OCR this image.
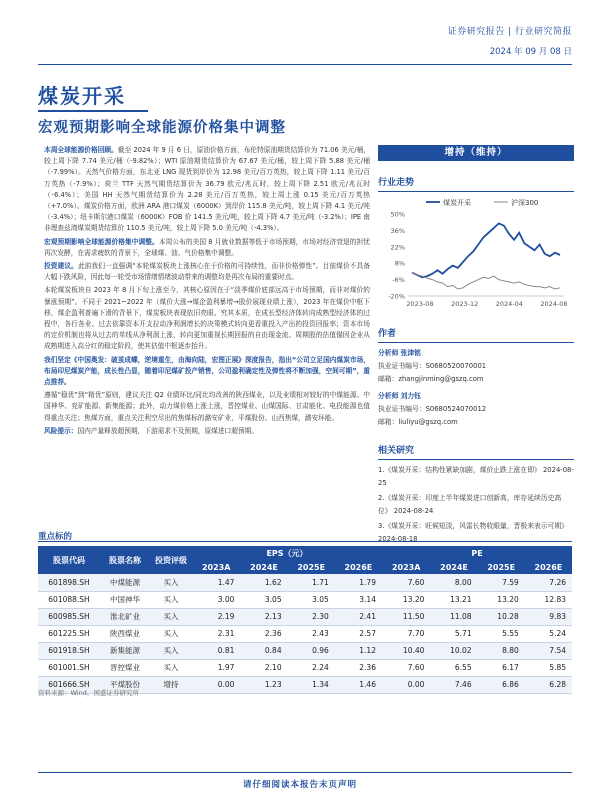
证券研究报告 | 行业研究简报
2024 年 09 月 08 日
煤炭开采
宏观预期影响全球能源价格集中调整

本周全球能源价格回顾。截至 2024 年 9 月 6 日，原油价格方面，布伦特原油期货结算价为 71.06 美元/桶，较上周下降 7.74 美元/桶（-9.82%）；WTI 原油期货结算价为 67.67 美元/桶，较上周下降 5.88 美元/桶（-7.99%）。天然气价格方面，东北亚 LNG 现货到岸价为 12.98 美元/百万英热，较上周下降 1.11 美元/百万英热（-7.9%）；荷兰 TTF 天然气期货结算价为 36.79 欧元/兆瓦时，较上周下降 2.51 欧元/兆瓦时（-6.4%）；美国 HH 天然气期货结算价为 2.28 美元/百万英热，较上周上涨 0.15 美元/百万英热（+7.0%）。煤炭价格方面，欧洲 ARA 港口煤炭（6000K）到岸价 115.8 美元/吨，较上周下降 4.1 美元/吨（-3.4%）；纽卡斯尔港口煤炭（6000K）FOB 价 141.5 美元/吨，较上周下降 4.7 美元/吨（-3.2%）；IPE 南非理查兹湾煤炭期货结算价 110.5 美元/吨，较上周下降 5.0 美元/吨（-4.3%）。

宏观预期影响全球能源价格集中调整。本周公布的美国 8 月就业数据等低于市场预期，市场对经济衰退的担忧再次发酵，在需求疲软的背景下，全球煤、油、气价格集中调整。

投资建议。此前我们一直强调“本轮煤炭板块上涨核心在于价格的可持续性，而非价格弹性”。目前煤价不具备大幅下跌风险，因此每一轮受市场情绪情绪波动带来的调整均是再次布局的重要时点。

本轮煤炭板块自 2023 年 8 月下旬上涨至今，其核心原因在于“淡季煤价底部远高于市场预期，而非对煤价的暴涨预期”。不同于 2021~2022 年（煤价大涨→煤企盈利暴增→股价展现业绩上涨），2023 年在煤价中枢下移，煤企盈利普遍下滑的背景下，煤炭板块表现依旧亮眼。究其本质，在成长型经济体转向成熟型经济体的过程中，各行各业、过去依靠资本开支拉动净利润增长的决策模式转向更看重投入产出的投资回报率；资本市场的定价机制也将从过去的单线从净利润上涨，转向更加重视长期回报的自由现金流。周期股的估值锚因企业从成熟期进入高分红的稳定阶段，使其估值中枢逐步抬升。

我们坚定《中国奥发：破茧成蝶，逆境重生，由海向陆，宏图正展》深度报告，指出“公司立足国内煤炭市场，布局印尼煤炭产能，成长性凸显，随着印尼煤矿投产销售，公司盈利确定性及弹性将不断加强，空间可期”，重点推荐。

遵循“稳优”到“精优”原则，建议关注 Q2 业绩环比/同比均改善的陕西煤业，以及业绩相对较好的中煤能源、中国神华、兖矿能源、新集能源；此外，动力煤价格上涨上涨，晋控煤业、山煤国际、甘肃能化、电投能源也值得重点关注；焦煤方面，重点关注利空尽出的焦煤标的潞安矿业，平煤股份、山西焦煤，潞安环能。

风险提示：国内产量释放超预期，下游需求不及预期，原煤进口超预期。

增持（维持）
行业走势
煤炭开采	沪深300
50%
36%
22%
8%
-6%
-20%
2023-08	2023-12	2024-04	2024-08
作者
分析师 张津铭
执业证书编号：S0680520070001
邮箱：zhangjinming@gszq.com
分析师 刘力钰
执业证书编号：S0680524070012
邮箱：liuliyu@gszq.com
相关研究
1.《煤炭开采：结构性紧缺加剧，煤价止跌上涨在即》 2024-08-25
2.《煤炭开采：印度上半年煤炭进口创新高，库存延续历史高位》 2024-08-24
3.《煤炭开采：旺候短淡，风雷长物收眼量，晋极来表示可期》 2024-08-18
重点标的
股票代码	股票名称	投资评级	EPS（元）				PE			
			2023A	2024E	2025E	2026E	2023A	2024E	2025E	2026E
601898.SH	中煤能源	买入	1.47	1.62	1.71	1.79	7.60	8.00	7.59	7.26
601088.SH	中国神华	买入	3.00	3.05	3.05	3.14	13.20	13.21	13.20	12.83
600985.SH	淮北矿业	买入	2.19	2.13	2.30	2.41	11.50	11.08	10.28	9.83
601225.SH	陕西煤业	买入	2.31	2.36	2.43	2.57	7.70	5.71	5.55	5.24
601918.SH	新集能源	买入	0.81	0.84	0.96	1.12	10.40	10.02	8.80	7.54
601001.SH	晋控煤业	买入	1.97	2.10	2.24	2.36	7.60	6.55	6.17	5.85
601666.SH	平煤股份	增持	0.00	1.23	1.34	1.46	0.00	7.46	6.86	6.28
资料来源：Wind，国盛证券研究所
请仔细阅读本报告末页声明
